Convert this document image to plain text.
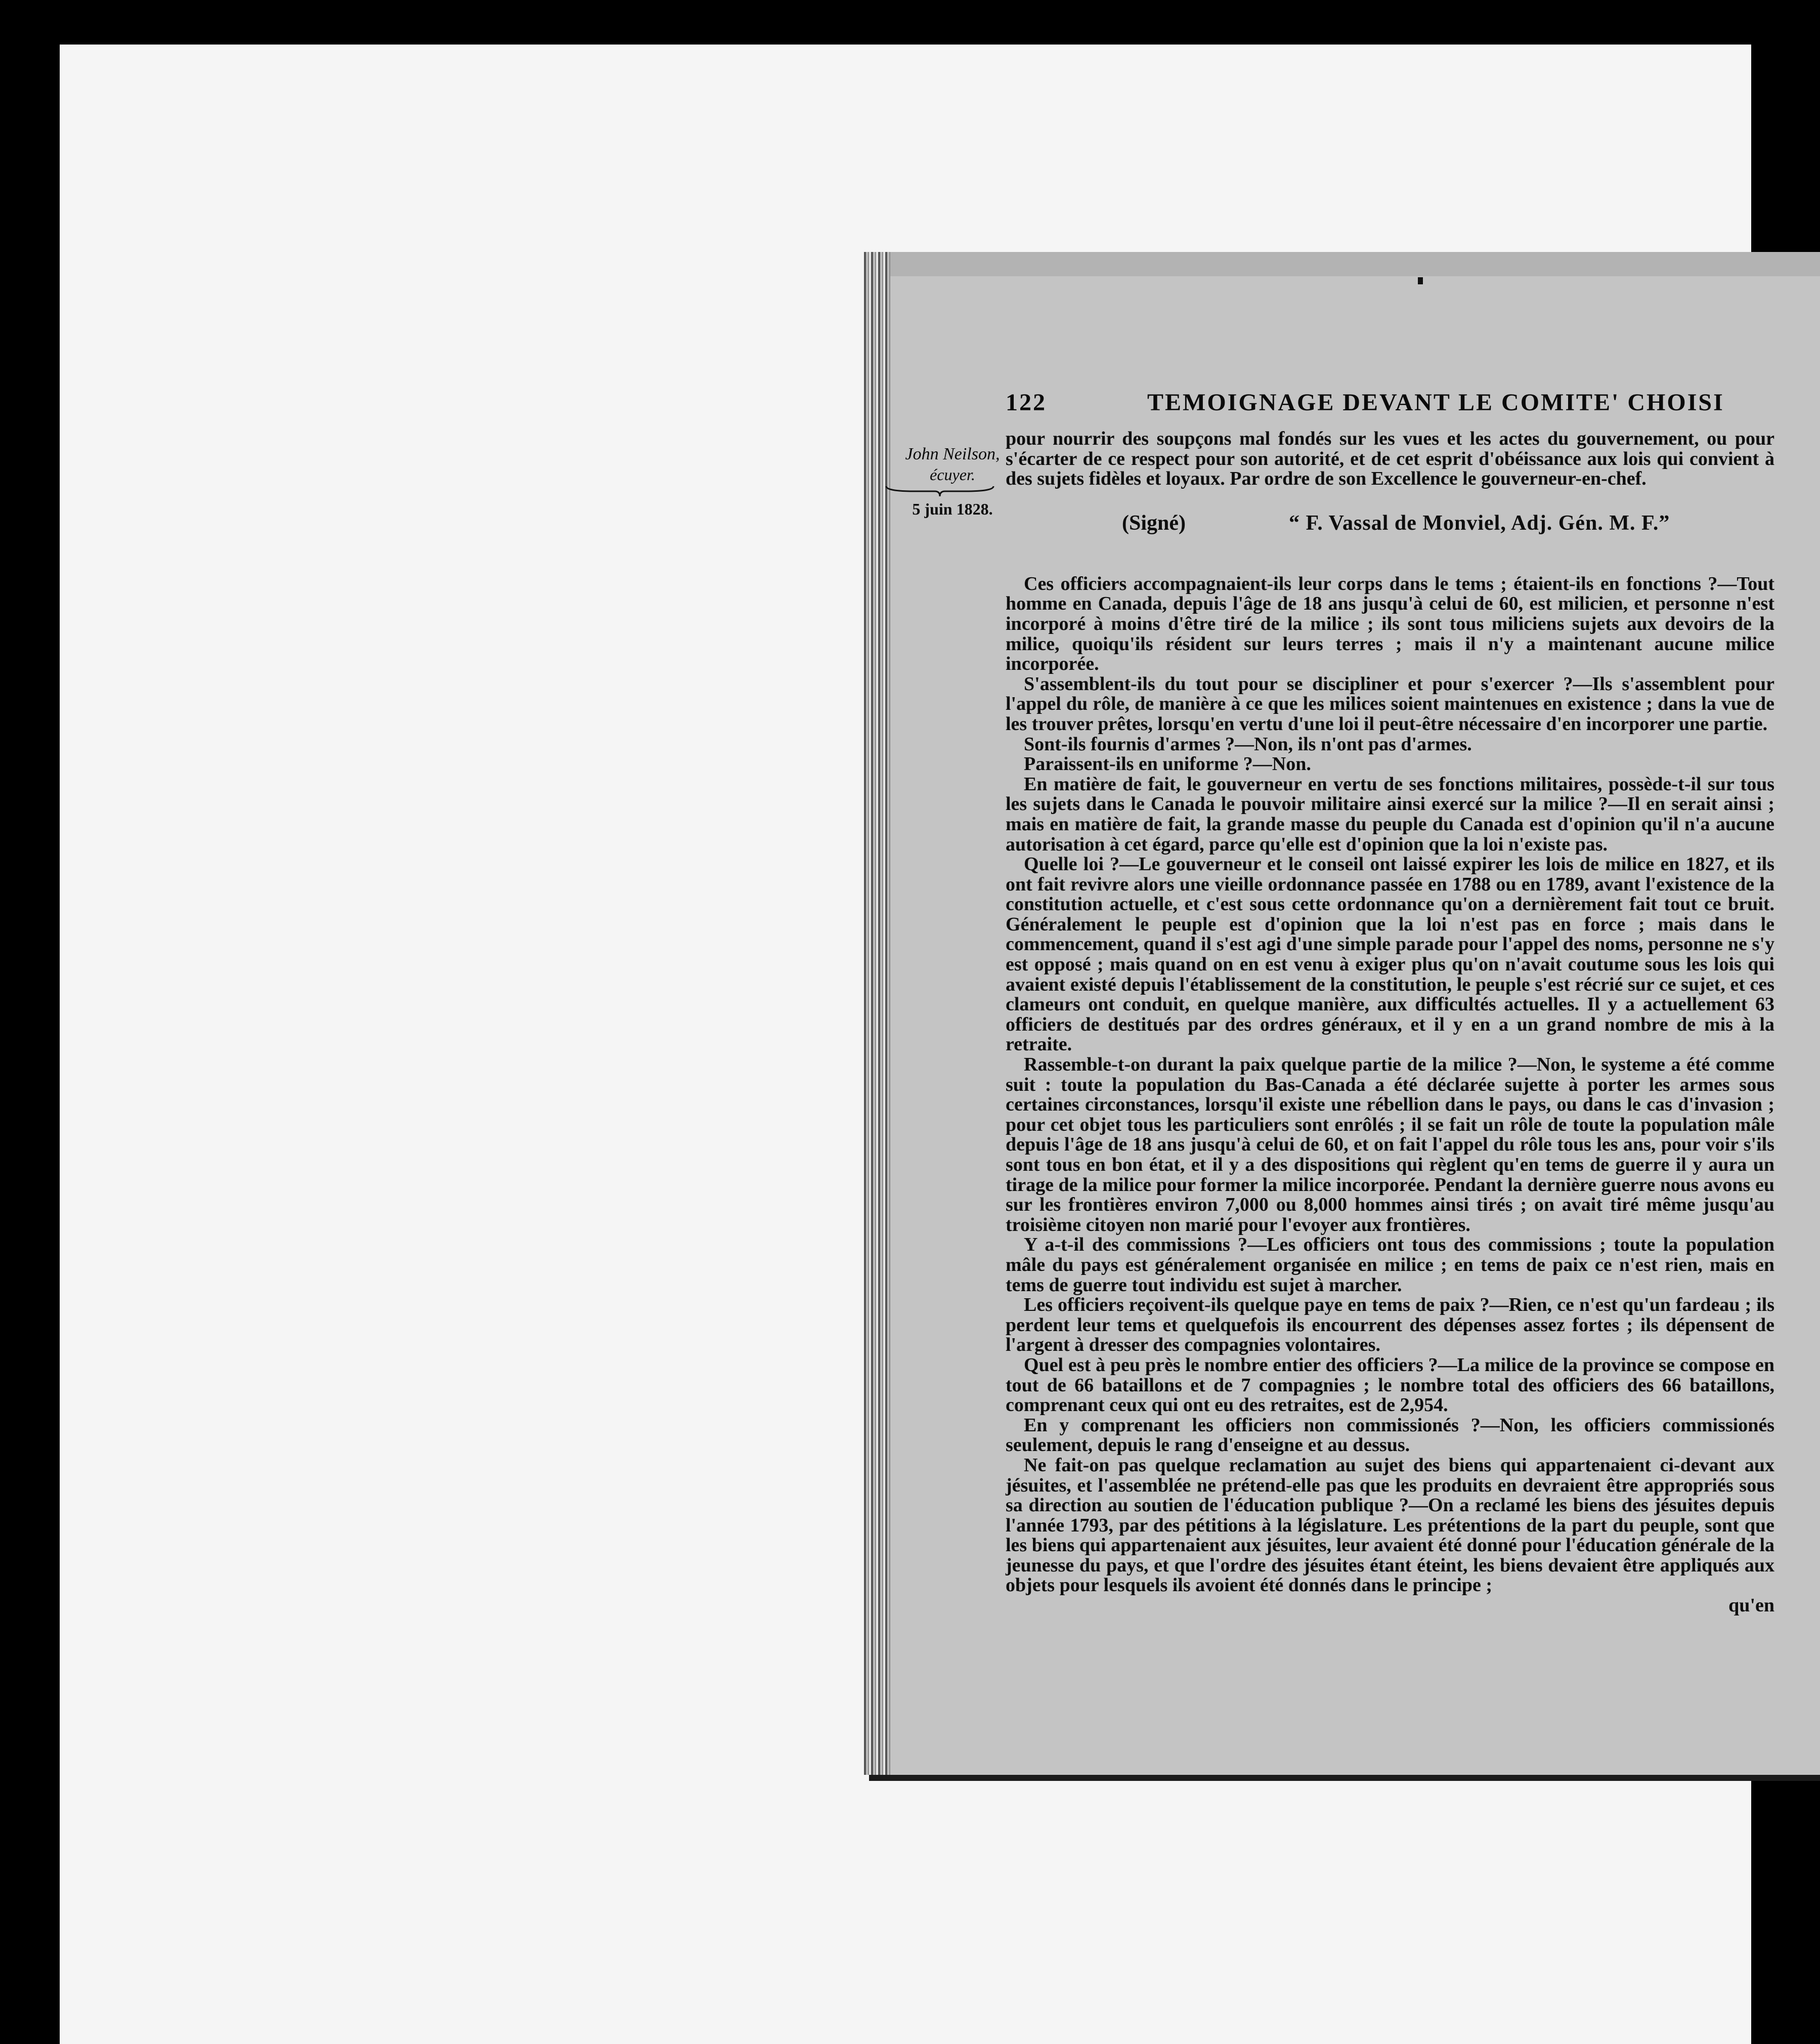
122	TEMOIGNAGE DEVANT LE COMITE' CHOISI
John Neilson,
écuyer.
5 juin 1828.

pour nourrir des soupçons mal fondés sur les vues et les actes du gouvernement, ou pour s'écarter de ce respect pour son autorité, et de cet esprit d'obéissance aux lois qui convient à des sujets fidèles et loyaux. Par ordre de son Excellence le gouverneur-en-chef.

(Signé)	“ F. Vassal de Monviel, Adj. Gén. M. F.”

Ces officiers accompagnaient-ils leur corps dans le tems ; étaient-ils en fonctions ?—Tout homme en Canada, depuis l'âge de 18 ans jusqu'à celui de 60, est milicien, et personne n'est incorporé à moins d'être tiré de la milice ; ils sont tous miliciens sujets aux devoirs de la milice, quoiqu'ils résident sur leurs terres ; mais il n'y a maintenant aucune milice incorporée.

S'assemblent-ils du tout pour se discipliner et pour s'exercer ?—Ils s'assemblent pour l'appel du rôle, de manière à ce que les milices soient maintenues en existence ; dans la vue de les trouver prêtes, lorsqu'en vertu d'une loi il peut-être nécessaire d'en incorporer une partie.

Sont-ils fournis d'armes ?—Non, ils n'ont pas d'armes.

Paraissent-ils en uniforme ?—Non.

En matière de fait, le gouverneur en vertu de ses fonctions militaires, possède-t-il sur tous les sujets dans le Canada le pouvoir militaire ainsi exercé sur la milice ?—Il en serait ainsi ; mais en matière de fait, la grande masse du peuple du Canada est d'opinion qu'il n'a aucune autorisation à cet égard, parce qu'elle est d'opinion que la loi n'existe pas.

Quelle loi ?—Le gouverneur et le conseil ont laissé expirer les lois de milice en 1827, et ils ont fait revivre alors une vieille ordonnance passée en 1788 ou en 1789, avant l'existence de la constitution actuelle, et c'est sous cette ordonnance qu'on a dernièrement fait tout ce bruit. Généralement le peuple est d'opinion que la loi n'est pas en force ; mais dans le commencement, quand il s'est agi d'une simple parade pour l'appel des noms, personne ne s'y est opposé ; mais quand on en est venu à exiger plus qu'on n'avait coutume sous les lois qui avaient existé depuis l'établissement de la constitution, le peuple s'est récrié sur ce sujet, et ces clameurs ont conduit, en quelque manière, aux difficultés actuelles. Il y a actuellement 63 officiers de destitués par des ordres généraux, et il y en a un grand nombre de mis à la retraite.

Rassemble-t-on durant la paix quelque partie de la milice ?—Non, le systeme a été comme suit : toute la population du Bas-Canada a été déclarée sujette à porter les armes sous certaines circonstances, lorsqu'il existe une rébellion dans le pays, ou dans le cas d'invasion ; pour cet objet tous les particuliers sont enrôlés ; il se fait un rôle de toute la population mâle depuis l'âge de 18 ans jusqu'à celui de 60, et on fait l'appel du rôle tous les ans, pour voir s'ils sont tous en bon état, et il y a des dispositions qui règlent qu'en tems de guerre il y aura un tirage de la milice pour former la milice incorporée. Pendant la dernière guerre nous avons eu sur les frontières environ 7,000 ou 8,000 hommes ainsi tirés ; on avait tiré même jusqu'au troisième citoyen non marié pour l'evoyer aux frontières.

Y a-t-il des commissions ?—Les officiers ont tous des commissions ; toute la population mâle du pays est généralement organisée en milice ; en tems de paix ce n'est rien, mais en tems de guerre tout individu est sujet à marcher.

Les officiers reçoivent-ils quelque paye en tems de paix ?—Rien, ce n'est qu'un fardeau ; ils perdent leur tems et quelquefois ils encourrent des dépenses assez fortes ; ils dépensent de l'argent à dresser des compagnies volontaires.

Quel est à peu près le nombre entier des officiers ?—La milice de la province se compose en tout de 66 bataillons et de 7 compagnies ; le nombre total des officiers des 66 bataillons, comprenant ceux qui ont eu des retraites, est de 2,954.

En y comprenant les officiers non commissionés ?—Non, les officiers commissionés seulement, depuis le rang d'enseigne et au dessus.

Ne fait-on pas quelque reclamation au sujet des biens qui appartenaient ci-devant aux jésuites, et l'assemblée ne prétend-elle pas que les produits en devraient être appropriés sous sa direction au soutien de l'éducation publique ?—On a reclamé les biens des jésuites depuis l'année 1793, par des pétitions à la législature. Les prétentions de la part du peuple, sont que les biens qui appartenaient aux jésuites, leur avaient été donné pour l'éducation générale de la jeunesse du pays, et que l'ordre des jésuites étant éteint, les biens devaient être appliqués aux objets pour lesquels ils avoient été donnés dans le principe ;

qu'en
